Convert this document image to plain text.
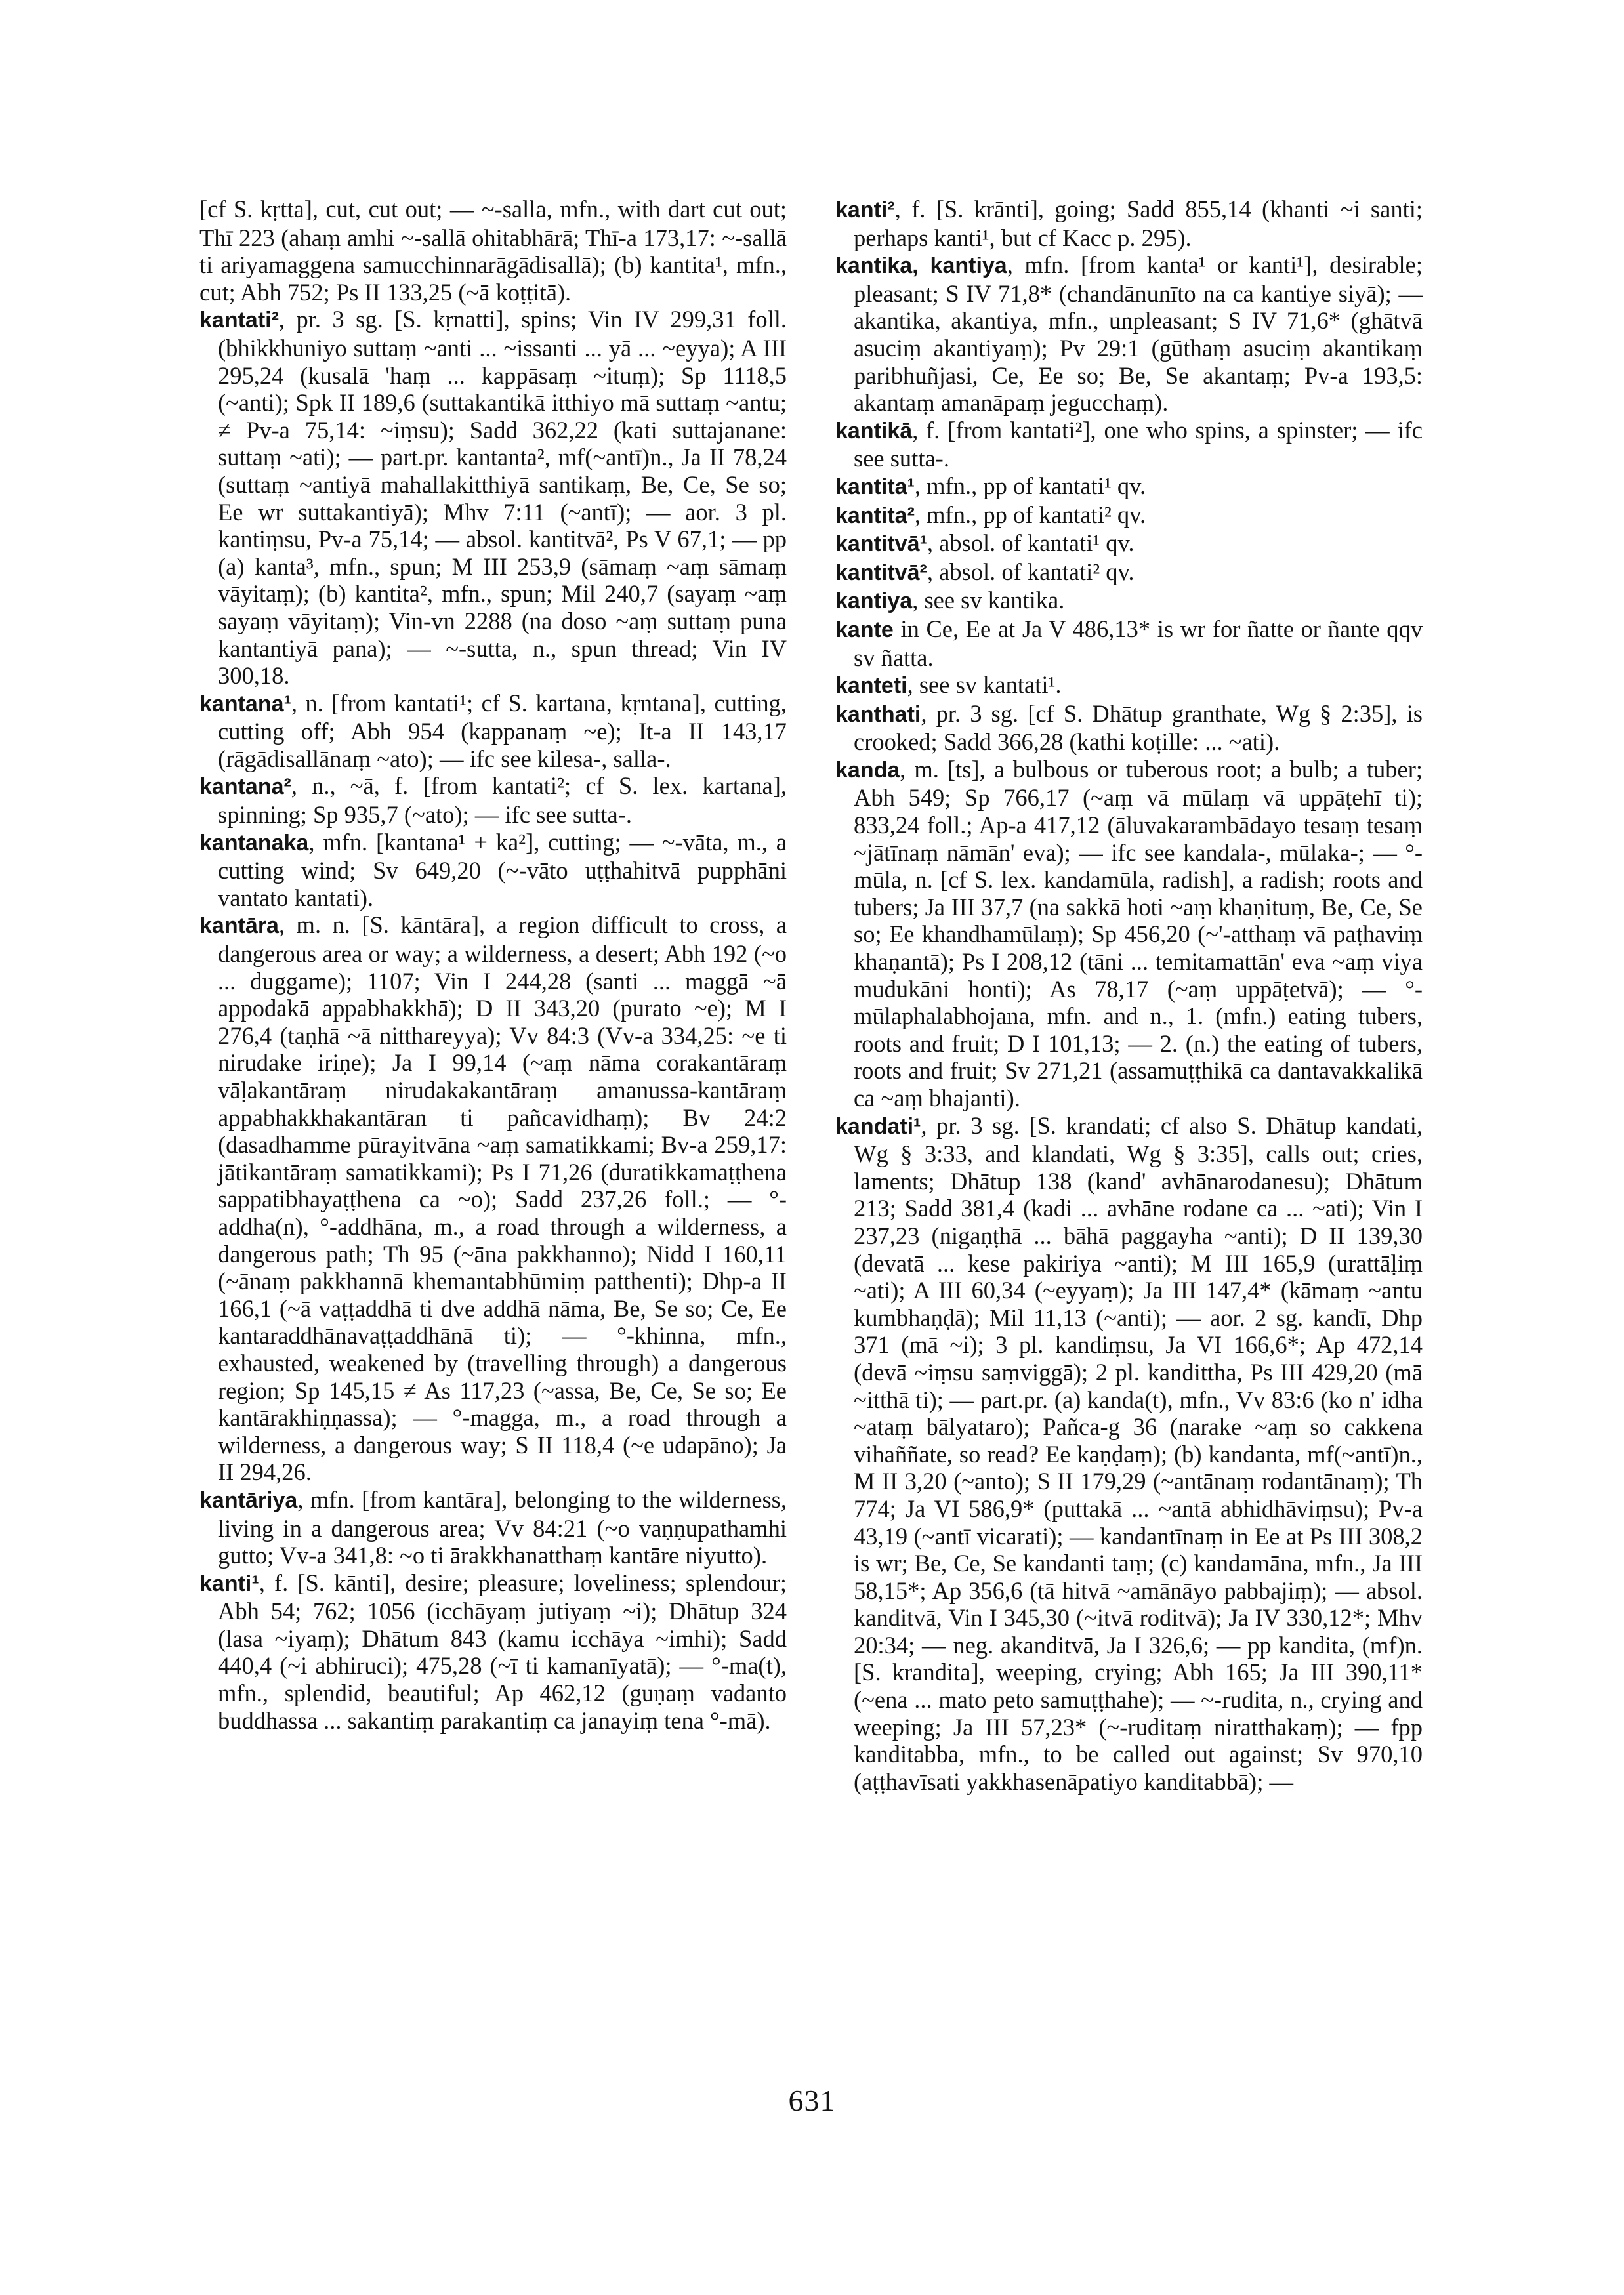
[cf S. kṛtta], cut, cut out; — ~-salla, mfn., with dart cut out; Thī 223 (ahaṃ amhi ~-sallā ohitabhārā; Thī-a 173,17: ~-sallā ti ariyamaggena samucchinnarāgādisallā); (b) kantita¹, mfn., cut; Abh 752; Ps II 133,25 (~ā koṭṭitā).

kantati², pr. 3 sg. [S. kṛnatti], spins; Vin IV 299,31 foll. (bhikkhuniyo suttaṃ ~anti ... ~issanti ... yā ... ~eyya); A III 295,24 (kusalā 'haṃ ... kappāsaṃ ~ituṃ); Sp 1118,5 (~anti); Spk II 189,6 (suttakantikā itthiyo mā suttaṃ ~antu; ≠ Pv-a 75,14: ~iṃsu); Sadd 362,22 (kati suttajanane: suttaṃ ~ati); — part.pr. kantanta², mf(~antī)n., Ja II 78,24 (suttaṃ ~antiyā mahallakitthiyā santikaṃ, Be, Ce, Se so; Ee wr suttakantiyā); Mhv 7:11 (~antī); — aor. 3 pl. kantiṃsu, Pv-a 75,14; — absol. kantitvā², Ps V 67,1; — pp (a) kanta³, mfn., spun; M III 253,9 (sāmaṃ ~aṃ sāmaṃ vāyitaṃ); (b) kantita², mfn., spun; Mil 240,7 (sayaṃ ~aṃ sayaṃ vāyitaṃ); Vin-vn 2288 (na doso ~aṃ suttaṃ puna kantantiyā pana); — ~-sutta, n., spun thread; Vin IV 300,18.

kantana¹, n. [from kantati¹; cf S. kartana, kṛntana], cutting, cutting off; Abh 954 (kappanaṃ ~e); It-a II 143,17 (rāgādisallānaṃ ~ato); — ifc see kilesa-, salla-.

kantana², n., ~ā, f. [from kantati²; cf S. lex. kartana], spinning; Sp 935,7 (~ato); — ifc see sutta-.

kantanaka, mfn. [kantana¹ + ka²], cutting; — ~-vāta, m., a cutting wind; Sv 649,20 (~-vāto uṭṭhahitvā pupphāni vantato kantati).

kantāra, m. n. [S. kāntāra], a region difficult to cross, a dangerous area or way; a wilderness, a desert; Abh 192 (~o ... duggame); 1107; Vin I 244,28 (santi ... maggā ~ā appodakā appabhakkhā); D II 343,20 (purato ~e); M I 276,4 (taṇhā ~ā nitthareyya); Vv 84:3 (Vv-a 334,25: ~e ti nirudake iriṇe); Ja I 99,14 (~aṃ nāma corakantāraṃ vāḷakantāraṃ nirudakakantāraṃ amanussa-kantāraṃ appabhakkhakantāran ti pañcavidhaṃ); Bv 24:2 (dasadhamme pūrayitvāna ~aṃ samatikkami; Bv-a 259,17: jātikantāraṃ samatikkami); Ps I 71,26 (duratikkamaṭṭhena sappatibhayaṭṭhena ca ~o); Sadd 237,26 foll.; — °-addha(n), °-addhāna, m., a road through a wilderness, a dangerous path; Th 95 (~āna pakkhanno); Nidd I 160,11 (~ānaṃ pakkhannā khemantabhūmiṃ patthenti); Dhp-a II 166,1 (~ā vaṭṭaddhā ti dve addhā nāma, Be, Se so; Ce, Ee kantaraddhānavaṭṭaddhānā ti); — °-khinna, mfn., exhausted, weakened by (travelling through) a dangerous region; Sp 145,15 ≠ As 117,23 (~assa, Be, Ce, Se so; Ee kantārakhiṇṇassa); — °-magga, m., a road through a wilderness, a dangerous way; S II 118,4 (~e udapāno); Ja II 294,26.

kantāriya, mfn. [from kantāra], belonging to the wilderness, living in a dangerous area; Vv 84:21 (~o vaṇṇupathamhi gutto; Vv-a 341,8: ~o ti ārakkhanatthaṃ kantāre niyutto).

kanti¹, f. [S. kānti], desire; pleasure; loveliness; splendour; Abh 54; 762; 1056 (icchāyaṃ jutiyaṃ ~i); Dhātup 324 (lasa ~iyaṃ); Dhātum 843 (kamu icchāya ~imhi); Sadd 440,4 (~i abhiruci); 475,28 (~ī ti kamanīyatā); — °-ma(t), mfn., splendid, beautiful; Ap 462,12 (guṇaṃ vadanto buddhassa ... sakantiṃ parakantiṃ ca janayiṃ tena °-mā).

kanti², f. [S. krānti], going; Sadd 855,14 (khanti ~i santi; perhaps kanti¹, but cf Kacc p. 295).

kantika, kantiya, mfn. [from kanta¹ or kanti¹], desirable; pleasant; S IV 71,8* (chandānunīto na ca kantiye siyā); — akantika, akantiya, mfn., unpleasant; S IV 71,6* (ghātvā asuciṃ akantiyaṃ); Pv 29:1 (gūthaṃ asuciṃ akantikaṃ paribhuñjasi, Ce, Ee so; Be, Se akantaṃ; Pv-a 193,5: akantaṃ amanāpaṃ jegucchaṃ).

kantikā, f. [from kantati²], one who spins, a spinster; — ifc see sutta-.

kantita¹, mfn., pp of kantati¹ qv.

kantita², mfn., pp of kantati² qv.

kantitvā¹, absol. of kantati¹ qv.

kantitvā², absol. of kantati² qv.

kantiya, see sv kantika.

kante in Ce, Ee at Ja V 486,13* is wr for ñatte or ñante qqv sv ñatta.

kanteti, see sv kantati¹.

kanthati, pr. 3 sg. [cf S. Dhātup granthate, Wg § 2:35], is crooked; Sadd 366,28 (kathi koṭille: ... ~ati).

kanda, m. [ts], a bulbous or tuberous root; a bulb; a tuber; Abh 549; Sp 766,17 (~aṃ vā mūlaṃ vā uppāṭehī ti); 833,24 foll.; Ap-a 417,12 (āluvakarambādayo tesaṃ tesaṃ ~jātīnaṃ nāmān' eva); — ifc see kandala-, mūlaka-; — °-mūla, n. [cf S. lex. kandamūla, radish], a radish; roots and tubers; Ja III 37,7 (na sakkā hoti ~aṃ khaṇituṃ, Be, Ce, Se so; Ee khandhamūlaṃ); Sp 456,20 (~'-atthaṃ vā paṭhaviṃ khaṇantā); Ps I 208,12 (tāni ... temitamattān' eva ~aṃ viya mudukāni honti); As 78,17 (~aṃ uppāṭetvā); — °-mūlaphalabhojana, mfn. and n., 1. (mfn.) eating tubers, roots and fruit; D I 101,13; — 2. (n.) the eating of tubers, roots and fruit; Sv 271,21 (assamuṭṭhikā ca dantavakkalikā ca ~aṃ bhajanti).

kandati¹, pr. 3 sg. [S. krandati; cf also S. Dhātup kandati, Wg § 3:33, and klandati, Wg § 3:35], calls out; cries, laments; Dhātup 138 (kand' avhānarodanesu); Dhātum 213; Sadd 381,4 (kadi ... avhāne rodane ca ... ~ati); Vin I 237,23 (nigaṇṭhā ... bāhā paggayha ~anti); D II 139,30 (devatā ... kese pakiriya ~anti); M III 165,9 (urattāḷiṃ ~ati); A III 60,34 (~eyyaṃ); Ja III 147,4* (kāmaṃ ~antu kumbhaṇḍā); Mil 11,13 (~anti); — aor. 2 sg. kandī, Dhp 371 (mā ~i); 3 pl. kandiṃsu, Ja VI 166,6*; Ap 472,14 (devā ~iṃsu saṃviggā); 2 pl. kandittha, Ps III 429,20 (mā ~itthā ti); — part.pr. (a) kanda(t), mfn., Vv 83:6 (ko n' idha ~ataṃ bālyataro); Pañca-g 36 (narake ~aṃ so cakkena vihaññate, so read? Ee kaṇḍaṃ); (b) kandanta, mf(~antī)n., M II 3,20 (~anto); S II 179,29 (~antānaṃ rodantānaṃ); Th 774; Ja VI 586,9* (puttakā ... ~antā abhidhāviṃsu); Pv-a 43,19 (~antī vicarati); — kandantīnaṃ in Ee at Ps III 308,2 is wr; Be, Ce, Se kandanti taṃ; (c) kandamāna, mfn., Ja III 58,15*; Ap 356,6 (tā hitvā ~amānāyo pabbajiṃ); — absol. kanditvā, Vin I 345,30 (~itvā roditvā); Ja IV 330,12*; Mhv 20:34; — neg. akanditvā, Ja I 326,6; — pp kandita, (mf)n. [S. krandita], weeping, crying; Abh 165; Ja III 390,11* (~ena ... mato peto samuṭṭhahe); — ~-rudita, n., crying and weeping; Ja III 57,23* (~-ruditaṃ niratthakaṃ); — fpp kanditabba, mfn., to be called out against; Sv 970,10 (aṭṭhavīsati yakkhasenāpatiyo kanditabbā); —

631
